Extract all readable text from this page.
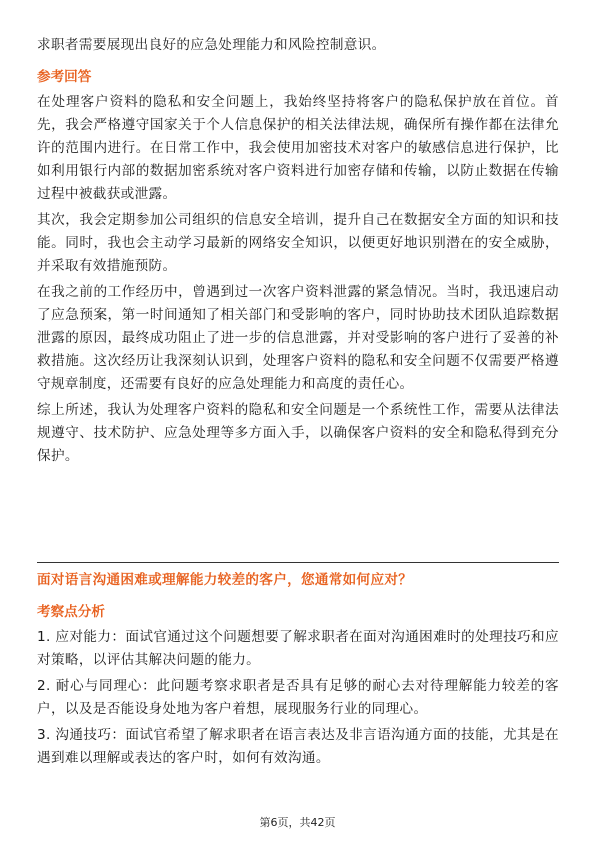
求职者需要展现出良好的应急处理能力和风险控制意识。

参考回答

在处理客户资料的隐私和安全问题上，我始终坚持将客户的隐私保护放在首位。首先，我会严格遵守国家关于个人信息保护的相关法律法规，确保所有操作都在法律允许的范围内进行。在日常工作中，我会使用加密技术对客户的敏感信息进行保护，比如利用银行内部的数据加密系统对客户资料进行加密存储和传输，以防止数据在传输过程中被截获或泄露。

其次，我会定期参加公司组织的信息安全培训，提升自己在数据安全方面的知识和技能。同时，我也会主动学习最新的网络安全知识，以便更好地识别潜在的安全威胁，并采取有效措施预防。

在我之前的工作经历中，曾遇到过一次客户资料泄露的紧急情况。当时，我迅速启动了应急预案，第一时间通知了相关部门和受影响的客户，同时协助技术团队追踪数据泄露的原因，最终成功阻止了进一步的信息泄露，并对受影响的客户进行了妥善的补救措施。这次经历让我深刻认识到，处理客户资料的隐私和安全问题不仅需要严格遵守规章制度，还需要有良好的应急处理能力和高度的责任心。

综上所述，我认为处理客户资料的隐私和安全问题是一个系统性工作，需要从法律法规遵守、技术防护、应急处理等多方面入手，以确保客户资料的安全和隐私得到充分保护。

面对语言沟通困难或理解能力较差的客户，您通常如何应对？
考察点分析

1. 应对能力：面试官通过这个问题想要了解求职者在面对沟通困难时的处理技巧和应对策略，以评估其解决问题的能力。

2. 耐心与同理心：此问题考察求职者是否具有足够的耐心去对待理解能力较差的客户，以及是否能设身处地为客户着想，展现服务行业的同理心。

3. 沟通技巧：面试官希望了解求职者在语言表达及非言语沟通方面的技能，尤其是在遇到难以理解或表达的客户时，如何有效沟通。

第6页，共42页
